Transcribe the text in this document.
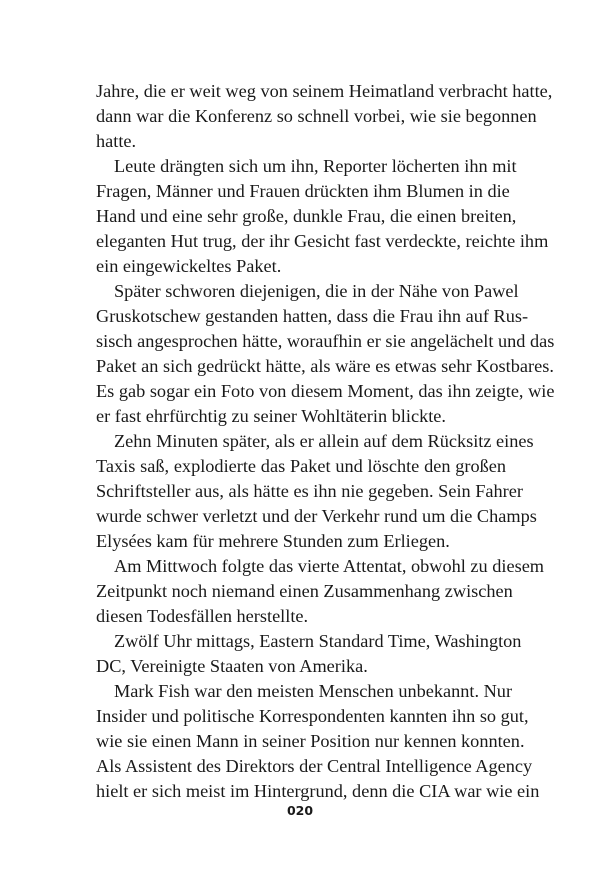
Jahre, die er weit weg von seinem Heimatland verbracht hatte,
dann war die Konferenz so schnell vorbei, wie sie begonnen
hatte.

Leute drängten sich um ihn, Reporter löcherten ihn mit
Fragen, Männer und Frauen drückten ihm Blumen in die
Hand und eine sehr große, dunkle Frau, die einen breiten,
eleganten Hut trug, der ihr Gesicht fast verdeckte, reichte ihm
ein eingewickeltes Paket.

Später schworen diejenigen, die in der Nähe von Pawel
Gruskotschew gestanden hatten, dass die Frau ihn auf Rus-
sisch angesprochen hätte, woraufhin er sie angelächelt und das
Paket an sich gedrückt hätte, als wäre es etwas sehr Kostbares.
Es gab sogar ein Foto von diesem Moment, das ihn zeigte, wie
er fast ehrfürchtig zu seiner Wohltäterin blickte.

Zehn Minuten später, als er allein auf dem Rücksitz eines
Taxis saß, explodierte das Paket und löschte den großen
Schriftsteller aus, als hätte es ihn nie gegeben. Sein Fahrer
wurde schwer verletzt und der Verkehr rund um die Champs
Elysées kam für mehrere Stunden zum Erliegen.

Am Mittwoch folgte das vierte Attentat, obwohl zu diesem
Zeitpunkt noch niemand einen Zusammenhang zwischen
diesen Todesfällen herstellte.

Zwölf Uhr mittags, Eastern Standard Time, Washington
DC, Vereinigte Staaten von Amerika.

Mark Fish war den meisten Menschen unbekannt. Nur
Insider und politische Korrespondenten kannten ihn so gut,
wie sie einen Mann in seiner Position nur kennen konnten.
Als Assistent des Direktors der Central Intelligence Agency
hielt er sich meist im Hintergrund, denn die CIA war wie ein

020
